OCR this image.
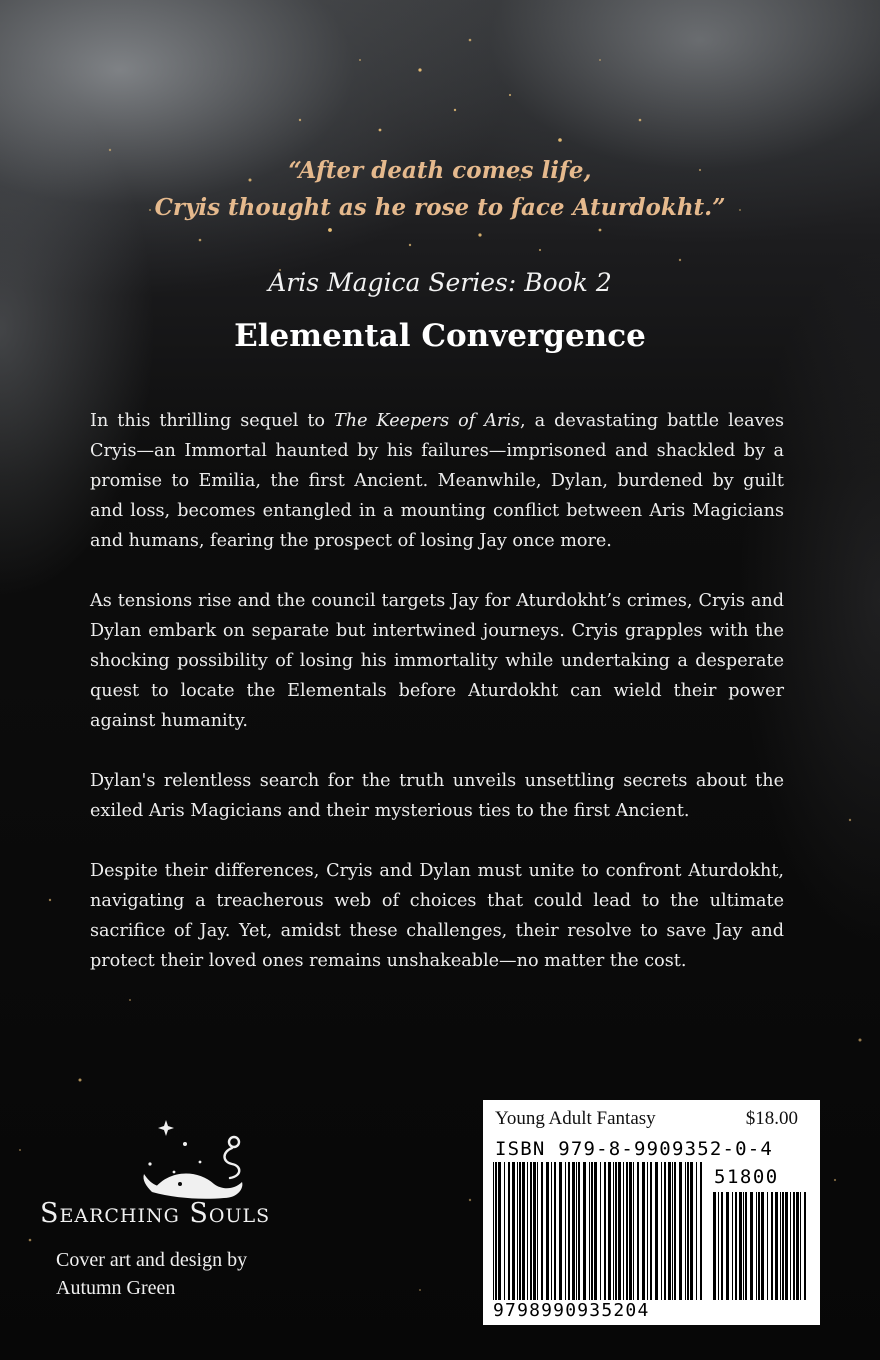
“After death comes life,
Cryis thought as he rose to face Aturdokht.”
Aris Magica Series: Book 2
Elemental Convergence

In this thrilling sequel to The Keepers of Aris, a devastating battle leaves Cryis—an Immortal haunted by his failures—imprisoned and shackled by a promise to Emilia, the first Ancient. Meanwhile, Dylan, burdened by guilt and loss, becomes entangled in a mounting conflict between Aris Magicians and humans, fearing the prospect of losing Jay once more.

As tensions rise and the council targets Jay for Aturdokht’s crimes, Cryis and Dylan embark on separate but intertwined journeys. Cryis grapples with the shocking possibility of losing his immortality while undertaking a desperate quest to locate the Elementals before Aturdokht can wield their power against humanity.

Dylan's relentless search for the truth unveils unsettling secrets about the exiled Aris Magicians and their mysterious ties to the first Ancient.

Despite their differences, Cryis and Dylan must unite to confront Aturdokht, navigating a treacherous web of choices that could lead to the ultimate sacrifice of Jay. Yet, amidst these challenges, their resolve to save Jay and protect their loved ones remains unshakeable—no matter the cost.

Searching Souls
Cover art and design by
Autumn Green
Young Adult Fantasy	$18.00
ISBN 979-8-9909352-0-4
51800
9798990935204
